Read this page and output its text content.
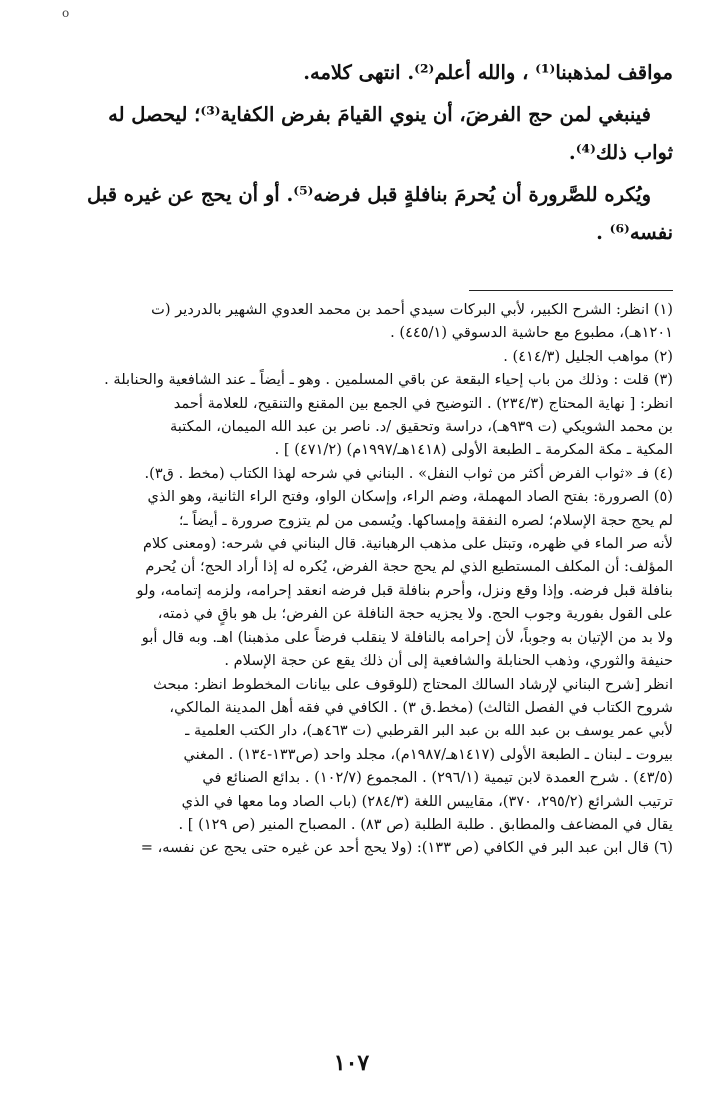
o

مواقف لمذهبنا⁽¹⁾ ، والله أعلم⁽²⁾. انتهى كلامه.

فينبغي لمن حج الفرضَ، أن ينوي القيامَ بفرض الكفاية⁽³⁾؛ ليحصل له
ثواب ذلك⁽⁴⁾.

ويُكره للصَّرورة أن يُحرمَ بنافلةٍ قبل فرضه⁽⁵⁾. أو أن يحج عن غيره قبل
نفسه⁽⁶⁾ .

(١) انظر: الشرح الكبير، لأبي البركات سيدي أحمد بن محمد العدوي الشهير بالدردير (ت
١٢٠١هـ)، مطبوع مع حاشية الدسوقي (٤٤٥/١) .
(٢) مواهب الجليل (٤١٤/٣) .
(٣) قلت : وذلك من باب إحياء البقعة عن باقي المسلمين . وهو ـ أيضاً ـ عند الشافعية والحنابلة .
انظر: [ نهاية المحتاج (٢٣٤/٣) . التوضيح في الجمع بين المقنع والتنقيح، للعلامة أحمد
بن محمد الشويكي (ت ٩٣٩هـ)، دراسة وتحقيق /د. ناصر بن عبد الله الميمان، المكتبة
المكية ـ مكة المكرمة ـ الطبعة الأولى (١٤١٨هـ/١٩٩٧م) (٤٧١/٢) ] .
(٤) فـ «ثواب الفرض أكثر من ثواب النفل» . البناني في شرحه لهذا الكتاب (مخط . ق٣).
(٥) الصرورة: بفتح الصاد المهملة، وضم الراء، وإسكان الواو، وفتح الراء الثانية، وهو الذي
لم يحج حجة الإسلام؛ لصره النفقة وإمساكها. ويُسمى من لم يتزوج صرورة ـ أيضاً ـ؛
لأنه صر الماء في ظهره، وتبتل على مذهب الرهبانية. قال البناني في شرحه: (ومعنى كلام
المؤلف: أن المكلف المستطيع الذي لم يحج حجة الفرض، يُكره له إذا أراد الحج؛ أن يُحرم
بنافلة قبل فرضه. وإذا وقع ونزل، وأحرم بنافلة قبل فرضه انعقد إحرامه، ولزمه إتمامه، ولو
على القول بفورية وجوب الحج. ولا يجزيه حجة النافلة عن الفرض؛ بل هو باقٍ في ذمته،
ولا بد من الإتيان به وجوباً، لأن إحرامه بالنافلة لا ينقلب فرضاً على مذهبنا) اهـ. وبه قال أبو
حنيفة والثوري، وذهب الحنابلة والشافعية إلى أن ذلك يقع عن حجة الإسلام .
انظر [شرح البناني لإرشاد السالك المحتاج (للوقوف على بيانات المخطوط انظر: مبحث
شروح الكتاب في الفصل الثالث) (مخط.ق ٣) . الكافي في فقه أهل المدينة المالكي،
لأبي عمر يوسف بن عبد الله بن عبد البر القرطبي (ت ٤٦٣هـ)، دار الكتب العلمية ـ
بيروت ـ لبنان ـ الطبعة الأولى (١٤١٧هـ/١٩٨٧م)، مجلد واحد (ص١٣٣-١٣٤) . المغني
(٤٣/٥) . شرح العمدة لابن تيمية (٢٩٦/١) . المجموع (١٠٢/٧) . بدائع الصنائع في
ترتيب الشرائع (٢٩٥/٢، ٣٧٠)، مقاييس اللغة (٢٨٤/٣) (باب الصاد وما معها في الذي
يقال في المضاعف والمطابق . طلبة الطلبة (ص ٨٣) . المصباح المنير (ص ١٢٩) ] .
(٦) قال ابن عبد البر في الكافي (ص ١٣٣): (ولا يحج أحد عن غيره حتى يحج عن نفسه، =
١٠٧
